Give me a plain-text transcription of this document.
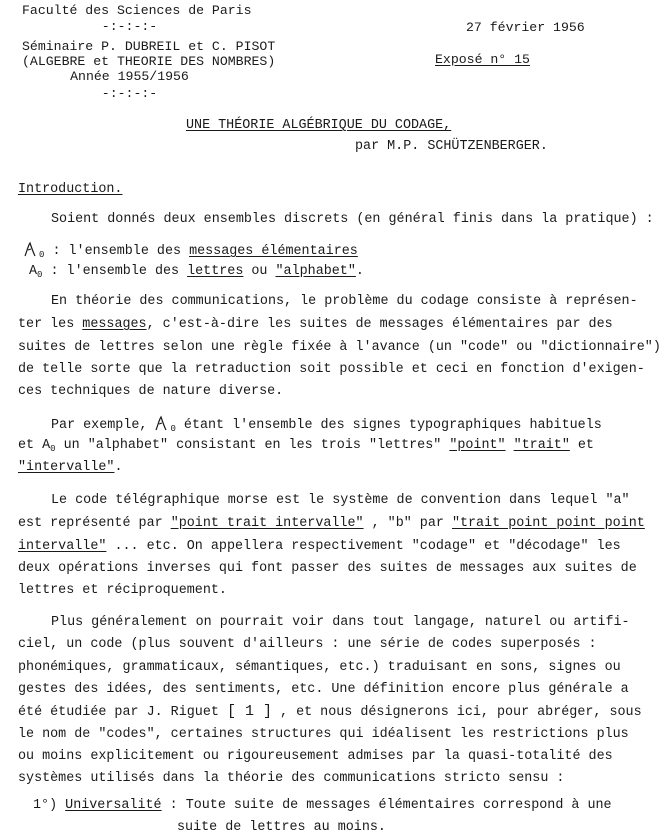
Faculté des Sciences de Paris
-:-:-:-
Séminaire P. DUBREIL et C. PISOT
(ALGEBRE et THEORIE DES NOMBRES)
Année 1955/1956
-:-:-:-
27 février 1956
Exposé n° 15
UNE THÉORIE ALGÉBRIQUE DU CODAGE,
par M.P. SCHÜTZENBERGER.
Introduction.
Soient donnés deux ensembles discrets (en général finis dans la pratique) :
$_0$ : l'ensemble des messages élémentaires
$A_0$ : l'ensemble des lettres ou "alphabet".
En théorie des communications, le problème du codage consiste à représen-
ter les messages, c'est-à-dire les suites de messages élémentaires par des
suites de lettres selon une règle fixée à l'avance (un "code" ou "dictionnaire")
de telle sorte que la retraduction soit possible et ceci en fonction d'exigen-
ces techniques de nature diverse.
Par exemple,
$_0$ étant l'ensemble des signes typographiques habituels
et $A_0$ un "alphabet" consistant en les trois "lettres" "point" "trait" et
"intervalle".
Le code télégraphique morse est le système de convention dans lequel "a"
est représenté par "point trait intervalle" , "b" par "trait point point point
intervalle" ... etc. On appellera respectivement "codage" et "décodage" les
deux opérations inverses qui font passer des suites de messages aux suites de
lettres et réciproquement.
Plus généralement on pourrait voir dans tout langage, naturel ou artifi-
ciel, un code (plus souvent d'ailleurs : une série de codes superposés :
phonémiques, grammaticaux, sémantiques, etc.) traduisant en sons, signes ou
gestes des idées, des sentiments, etc. Une définition encore plus générale a
été étudiée par J. Riguet [ 1 ] , et nous désignerons ici, pour abréger, sous
le nom de "codes", certaines structures qui idéalisent les restrictions plus
ou moins explicitement ou rigoureusement admises par la quasi-totalité des
systèmes utilisés dans la théorie des communications stricto sensu :
1°) Universalité : Toute suite de messages élémentaires correspond à une
suite de lettres au moins.
